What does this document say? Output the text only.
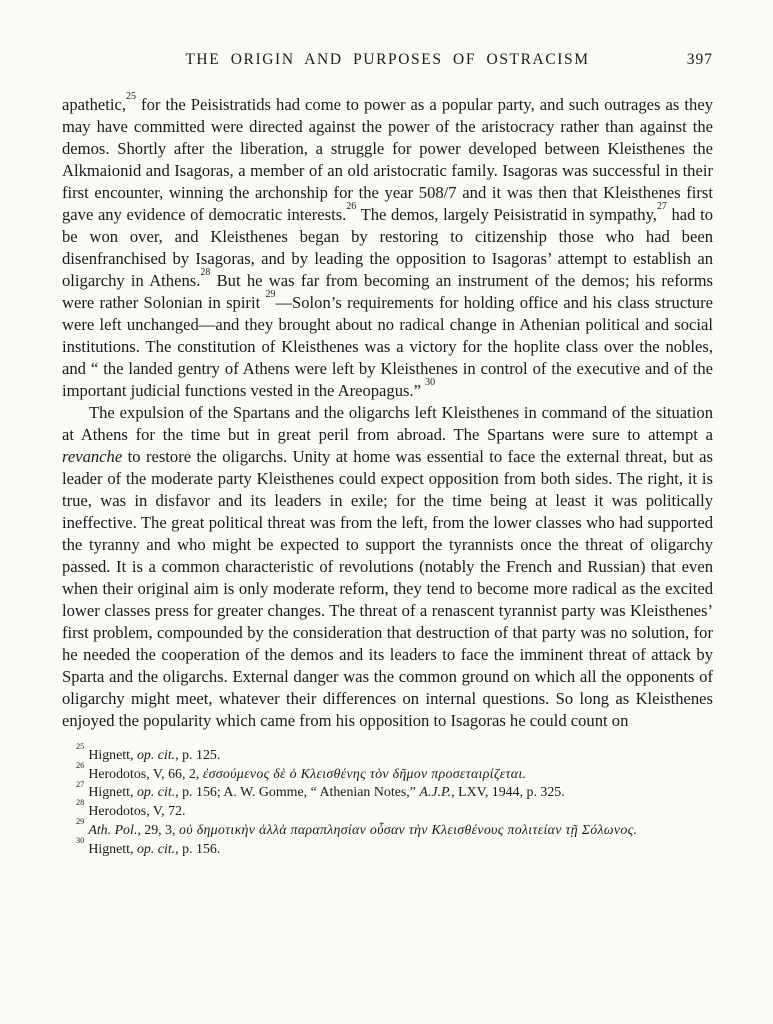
THE ORIGIN AND PURPOSES OF OSTRACISM	397

apathetic,$^{25}$ for the Peisistratids had come to power as a popular party, and such outrages as they may have committed were directed against the power of the aristocracy rather than against the demos. Shortly after the liberation, a struggle for power developed between Kleisthenes the Alkmaionid and Isagoras, a member of an old aristocratic family. Isagoras was successful in their first encounter, winning the archonship for the year 508/7 and it was then that Kleisthenes first gave any evidence of democratic interests.$^{26}$ The demos, largely Peisistratid in sympathy,$^{27}$ had to be won over, and Kleisthenes began by restoring to citizenship those who had been disenfranchised by Isagoras, and by leading the opposition to Isagoras’ attempt to establish an oligarchy in Athens.$^{28}$ But he was far from becoming an instrument of the demos; his reforms were rather Solonian in spirit $^{29}$—Solon’s requirements for holding office and his class structure were left unchanged—and they brought about no radical change in Athenian political and social institutions. The constitution of Kleisthenes was a victory for the hoplite class over the nobles, and “ the landed gentry of Athens were left by Kleisthenes in control of the executive and of the important judicial functions vested in the Areopagus.” $^{30}$

The expulsion of the Spartans and the oligarchs left Kleisthenes in command of the situation at Athens for the time but in great peril from abroad. The Spartans were sure to attempt a revanche to restore the oligarchs. Unity at home was essential to face the external threat, but as leader of the moderate party Kleisthenes could expect opposition from both sides. The right, it is true, was in disfavor and its leaders in exile; for the time being at least it was politically ineffective. The great political threat was from the left, from the lower classes who had supported the tyranny and who might be expected to support the tyrannists once the threat of oligarchy passed. It is a common characteristic of revolutions (notably the French and Russian) that even when their original aim is only moderate reform, they tend to become more radical as the excited lower classes press for greater changes. The threat of a renascent tyrannist party was Kleisthenes’ first problem, compounded by the consideration that destruction of that party was no solution, for he needed the cooperation of the demos and its leaders to face the imminent threat of attack by Sparta and the oligarchs. External danger was the common ground on which all the opponents of oligarchy might meet, whatever their differences on internal questions. So long as Kleisthenes enjoyed the popularity which came from his opposition to Isagoras he could count on

$^{25}$Hignett, op. cit., p. 125.

$^{26}$Herodotos, V, 66, 2, ἐσσούμενος δὲ ὁ Κλεισθένης τὸν δῆμον προσεταιρίζεται.

$^{27}$Hignett, op. cit., p. 156; A. W. Gomme, “ Athenian Notes,” A.J.P., LXV, 1944, p. 325.

$^{28}$Herodotos, V, 72.

$^{29}$Ath. Pol., 29, 3, οὐ δημοτικὴν ἀλλὰ παραπλησίαν οὖσαν τὴν Κλεισθένους πολιτείαν τῇ Σόλωνος.

$^{30}$Hignett, op. cit., p. 156.
